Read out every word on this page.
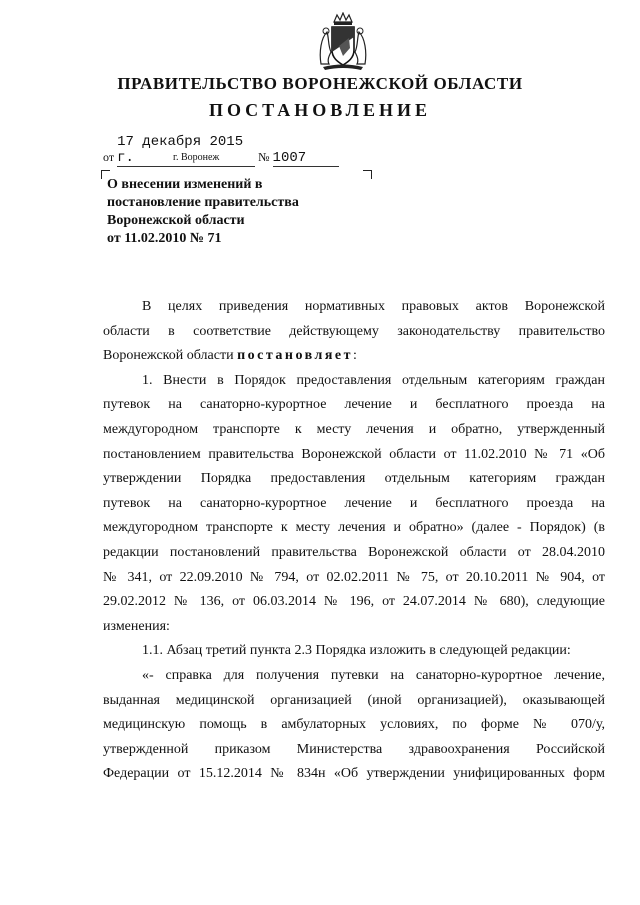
ПРАВИТЕЛЬСТВО ВОРОНЕЖСКОЙ ОБЛАСТИ
ПОСТАНОВЛЕНИЕ
от 17 декабря 2015 г.	№ 1007
г. Воронеж
О внесении изменений в
постановление правительства
Воронежской области
от 11.02.2010 № 71

В целях приведения нормативных правовых актов Воронежской

области в соответствие действующему законодательству правительство

Воронежской области постановляет:

1. Внести в Порядок предоставления отдельным категориям граждан

путевок на санаторно-курортное лечение и бесплатного проезда на

междугородном транспорте к месту лечения и обратно, утвержденный

постановлением правительства Воронежской области от 11.02.2010 № 71 «Об

утверждении Порядка предоставления отдельным категориям граждан

путевок на санаторно-курортное лечение и бесплатного проезда на

междугородном транспорте к месту лечения и обратно» (далее - Порядок) (в

редакции постановлений правительства Воронежской области от 28.04.2010

№ 341, от 22.09.2010 № 794, от 02.02.2011 № 75, от 20.10.2011 № 904, от

29.02.2012 № 136, от 06.03.2014 № 196, от 24.07.2014 № 680), следующие

изменения:

1.1. Абзац третий пункта 2.3 Порядка изложить в следующей редакции:

«- справка для получения путевки на санаторно-курортное лечение,

выданная медицинской организацией (иной организацией), оказывающей

медицинскую помощь в амбулаторных условиях, по форме № 070/у,

утвержденной приказом Министерства здравоохранения Российской

Федерации от 15.12.2014 № 834н «Об утверждении унифицированных форм
